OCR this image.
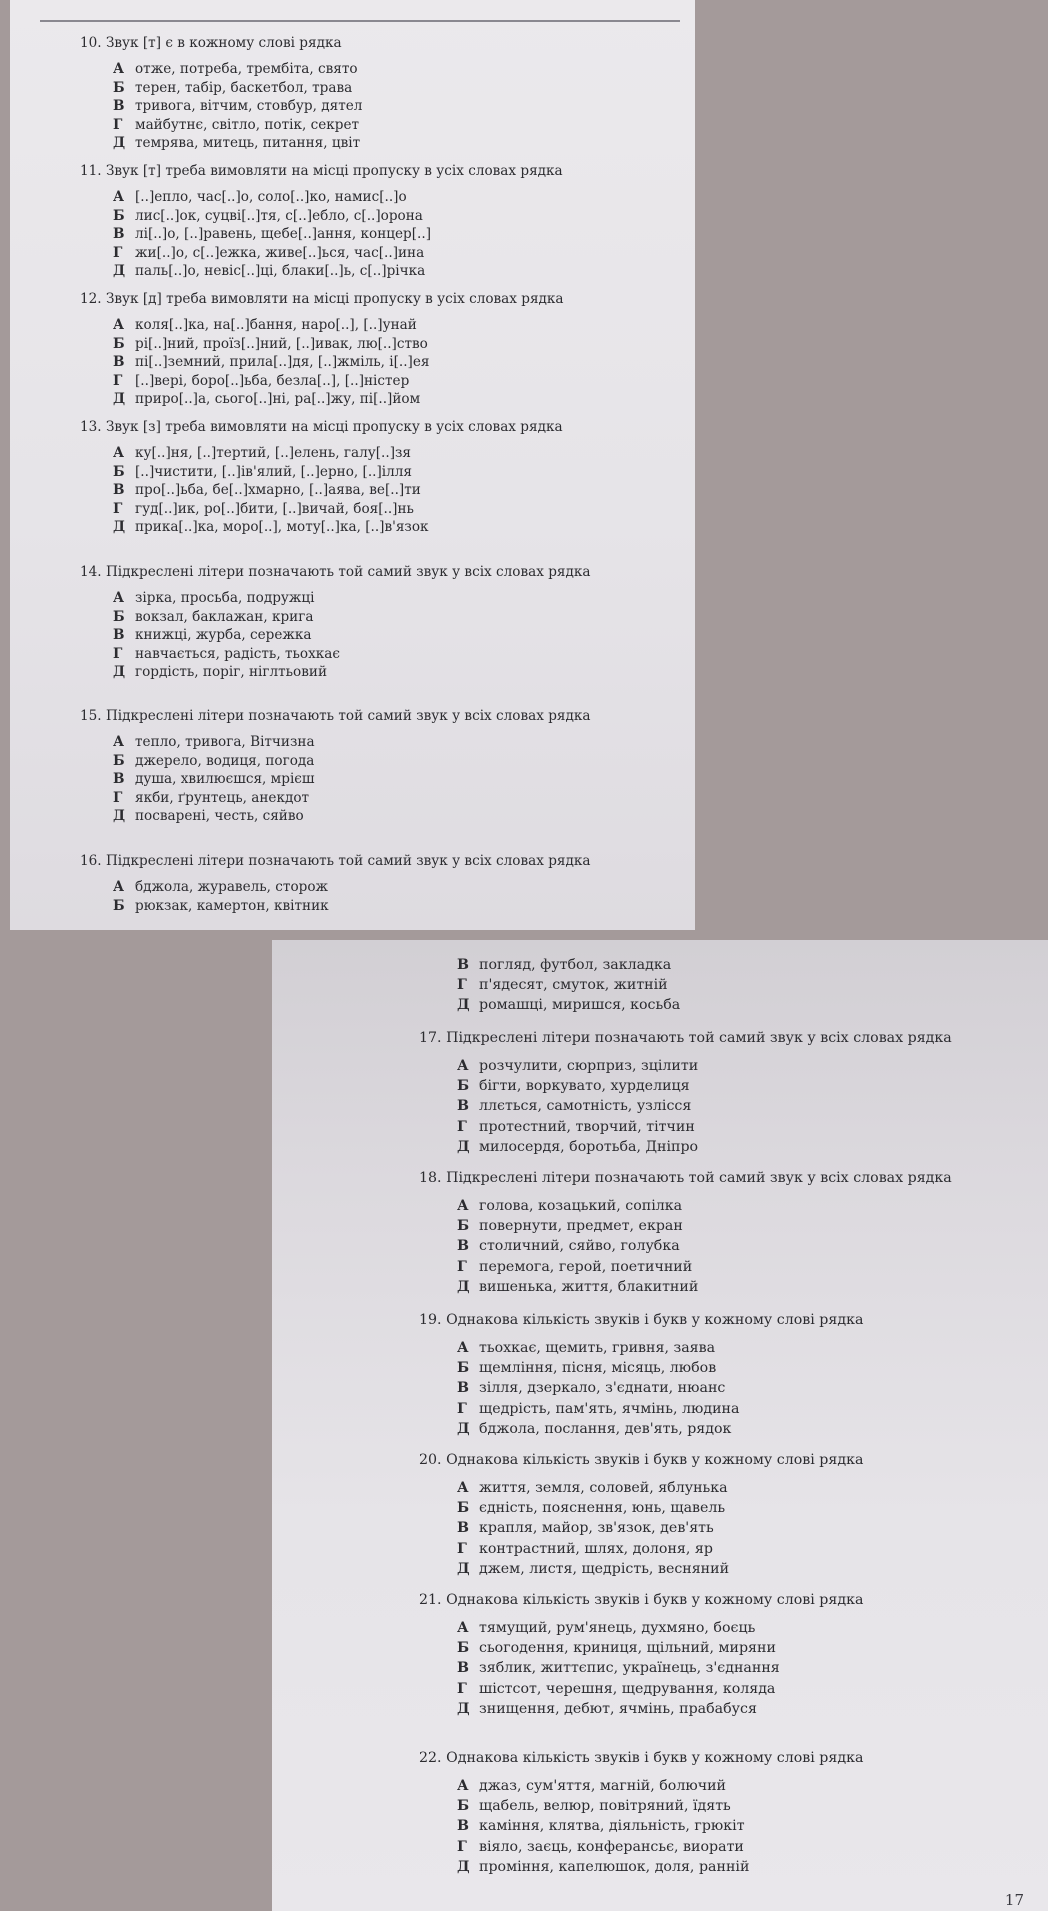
10. Звук [т] є в кожному слові рядка

А отже, потреба, трембіта, свято
Б терен, табір, баскетбол, трава
В тривога, вітчим, стовбур, дятел
Г майбутнє, світло, потік, секрет
Д темрява, митець, питання, цвіт

11. Звук [т] треба вимовляти на місці пропуску в усіх словах рядка

А [..]епло, час[..]о, соло[..]ко, намис[..]о
Б лис[..]ок, суцві[..]тя, с[..]ебло, с[..]орона
В лі[..]о, [..]равень, щебе[..]ання, концер[..]
Г жи[..]о, с[..]ежка, живе[..]ься, час[..]ина
Д паль[..]о, невіс[..]ці, блаки[..]ь, с[..]річка

12. Звук [д] треба вимовляти на місці пропуску в усіх словах рядка

А коля[..]ка, на[..]бання, наро[..], [..]унай
Б рі[..]ний, проїз[..]ний, [..]ивак, лю[..]ство
В пі[..]земний, прила[..]дя, [..]жміль, і[..]ея
Г [..]вері, боро[..]ьба, безла[..], [..]ністер
Д приро[..]а, сього[..]ні, ра[..]жу, пі[..]йом

13. Звук [з] треба вимовляти на місці пропуску в усіх словах рядка

А ку[..]ня, [..]тертий, [..]елень, галу[..]зя
Б [..]чистити, [..]ів'ялий, [..]ерно, [..]ілля
В про[..]ьба, бе[..]хмарно, [..]аява, ве[..]ти
Г гуд[..]ик, ро[..]бити, [..]вичай, боя[..]нь
Д прика[..]ка, моро[..], моту[..]ка, [..]в'язок

14. Підкреслені літери позначають той самий звук у всіх словах рядка

А зірка, просьба, подружці
Б вокзал, баклажан, крига
В книжці, журба, сережка
Г навчається, радість, тьохкає
Д гордість, поріг, ніглтьовий

15. Підкреслені літери позначають той самий звук у всіх словах рядка

А тепло, тривога, Вітчизна
Б джерело, водиця, погода
В душа, хвилюєшся, мрієш
Г якби, ґрунтець, анекдот
Д посварені, честь, сяйво

16. Підкреслені літери позначають той самий звук у всіх словах рядка

А бджола, журавель, сторож
Б рюкзак, камертон, квітник
В погляд, футбол, закладка
Г п'ядесят, смуток, житній
Д ромашці, миришся, косьба

17. Підкреслені літери позначають той самий звук у всіх словах рядка

А розчулити, сюрприз, зцілити
Б бігти, воркувато, хурделиця
В ллється, самотність, узлісся
Г протестний, творчий, тітчин
Д милосердя, боротьба, Дніпро

18. Підкреслені літери позначають той самий звук у всіх словах рядка

А голова, козацький, сопілка
Б повернути, предмет, екран
В столичний, сяйво, голубка
Г перемога, герой, поетичний
Д вишенька, життя, блакитний

19. Однакова кількість звуків і букв у кожному слові рядка

А тьохкає, щемить, гривня, заява
Б щемління, пісня, місяць, любов
В зілля, дзеркало, з'єднати, нюанс
Г щедрість, пам'ять, ячмінь, людина
Д бджола, послання, дев'ять, рядок

20. Однакова кількість звуків і букв у кожному слові рядка

А життя, земля, соловей, яблунька
Б єдність, пояснення, юнь, щавель
В крапля, майор, зв'язок, дев'ять
Г контрастний, шлях, долоня, яр
Д джем, листя, щедрість, весняний

21. Однакова кількість звуків і букв у кожному слові рядка

А тямущий, рум'янець, духмяно, боєць
Б сьогодення, криниця, щільний, миряни
В зяблик, життєпис, українець, з'єднання
Г шістсот, черешня, щедрування, коляда
Д знищення, дебют, ячмінь, прабабуся

22. Однакова кількість звуків і букв у кожному слові рядка

А джаз, сум'яття, магній, болючий
Б щабель, велюр, повітряний, їдять
В каміння, клятва, діяльність, грюкіт
Г віяло, заєць, конферансьє, виорати
Д проміння, капелюшок, доля, ранній
17
